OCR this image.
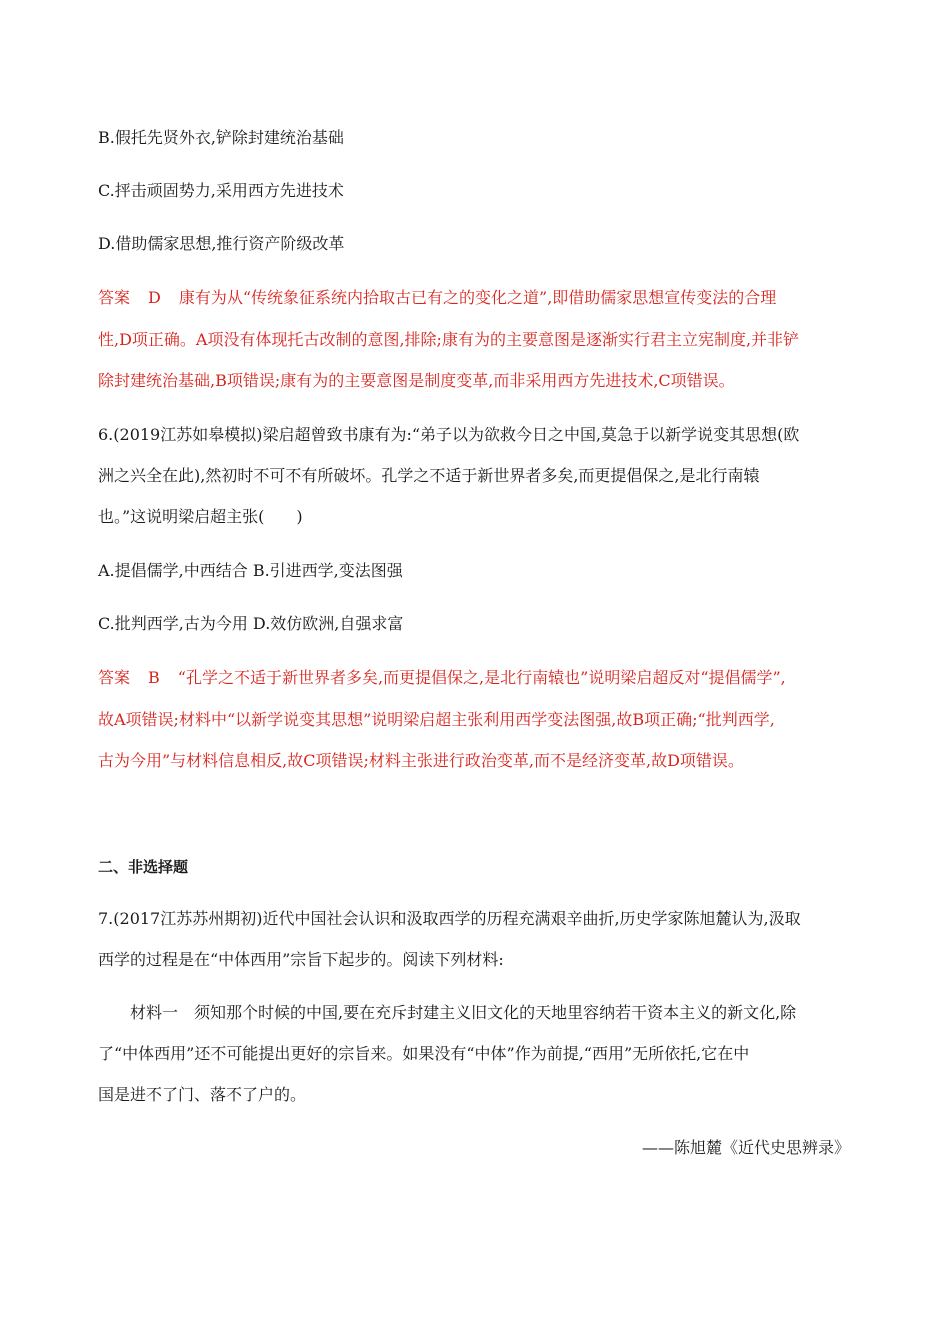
B.假托先贤外衣,铲除封建统治基础
C.抨击顽固势力,采用西方先进技术
D.借助儒家思想,推行资产阶级改革
答案 D 康有为从“传统象征系统内拾取古已有之的变化之道”,即借助儒家思想宣传变法的合理
性,D项正确。A项没有体现托古改制的意图,排除;康有为的主要意图是逐渐实行君主立宪制度,并非铲
除封建统治基础,B项错误;康有为的主要意图是制度变革,而非采用西方先进技术,C项错误。
6.(2019江苏如皋模拟)梁启超曾致书康有为:“弟子以为欲救今日之中国,莫急于以新学说变其思想(欧
洲之兴全在此),然初时不可不有所破坏。孔学之不适于新世界者多矣,而更提倡保之,是北行南辕
也。”这说明梁启超主张(　　)
A.提倡儒学,中西结合 B.引进西学,变法图强
C.批判西学,古为今用 D.效仿欧洲,自强求富
答案 B “孔学之不适于新世界者多矣,而更提倡保之,是北行南辕也”说明梁启超反对“提倡儒学”,
故A项错误;材料中“以新学说变其思想”说明梁启超主张利用西学变法图强,故B项正确;“批判西学,
古为今用”与材料信息相反,故C项错误;材料主张进行政治变革,而不是经济变革,故D项错误。
二、非选择题
7.(2017江苏苏州期初)近代中国社会认识和汲取西学的历程充满艰辛曲折,历史学家陈旭麓认为,汲取
西学的过程是在“中体西用”宗旨下起步的。阅读下列材料:
材料一　须知那个时候的中国,要在充斥封建主义旧文化的天地里容纳若干资本主义的新文化,除
了“中体西用”还不可能提出更好的宗旨来。如果没有“中体”作为前提,“西用”无所依托,它在中
国是进不了门、落不了户的。
——陈旭麓《近代史思辨录》
